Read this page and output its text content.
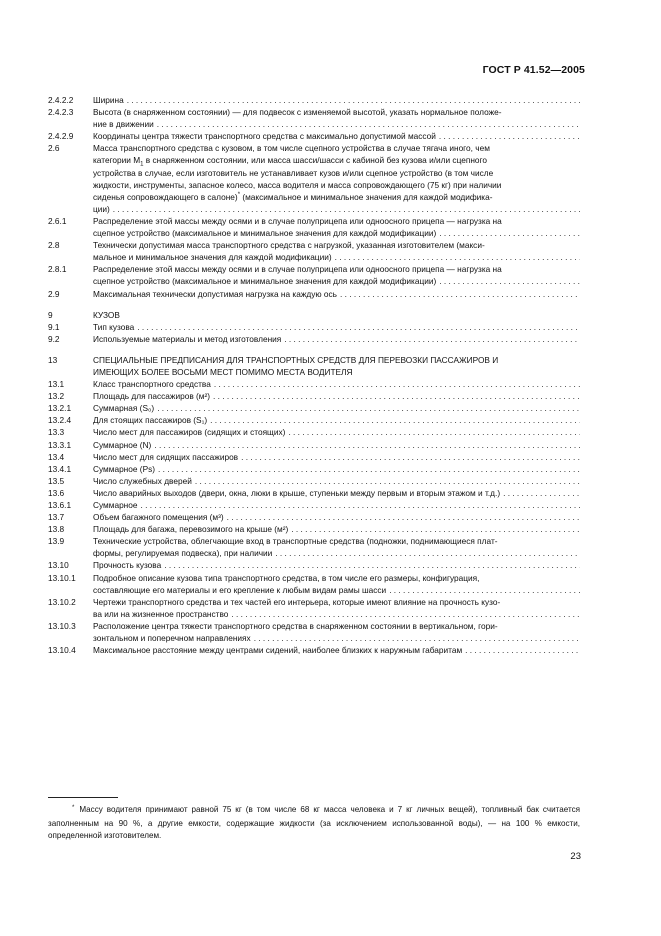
ГОСТ Р 41.52—2005
2.4.2.2	Ширина
. . .
2.4.2.3	Высота (в снаряженном состоянии) — для подвесок с изменяемой высотой, указать нормальное положе-
ние в движении
. . .
2.4.2.9	Координаты центра тяжести транспортного средства с максимально допустимой массой
. . .
2.6	Масса транспортного средства с кузовом, в том числе сцепного устройства в случае тягача иного, чем
категории $M_1$ в снаряженном состоянии, или масса шасси/шасси с кабиной без кузова и/или сцепного
устройства в случае, если изготовитель не устанавливает кузов и/или сцепное устройство (в том числе
жидкости, инструменты, запасное колесо, масса водителя и масса сопровождающего (75 кг) при наличии
сиденья сопровождающего в салоне)* (максимальное и минимальное значения для каждой модифика-
ции)
. . .
2.6.1	Распределение этой массы между осями и в случае полуприцепа или одноосного прицепа — нагрузка на
сцепное устройство (максимальное и минимальное значения для каждой модификации)
. . .
2.8	Технически допустимая масса транспортного средства с нагрузкой, указанная изготовителем (макси-
мальное и минимальное значения для каждой модификации)
. . .
2.8.1	Распределение этой массы между осями и в случае полуприцепа или одноосного прицепа — нагрузка на
сцепное устройство (максимальное и минимальное значения для каждой модификации)
. . .
2.9	Максимальная технически допустимая нагрузка на каждую ось
. . .
9	КУЗОВ
9.1	Тип кузова
. . .
9.2	Используемые материалы и метод изготовления
. . .
13	СПЕЦИАЛЬНЫЕ ПРЕДПИСАНИЯ ДЛЯ ТРАНСПОРТНЫХ СРЕДСТВ ДЛЯ ПЕРЕВОЗКИ ПАССАЖИРОВ И
ИМЕЮЩИХ БОЛЕЕ ВОСЬМИ МЕСТ ПОМИМО МЕСТА ВОДИТЕЛЯ
13.1	Класс транспортного средства
. . .
13.2	Площадь для пассажиров (м²)
. . .
13.2.1	Суммарная (S₀)
. . .
13.2.4	Для стоящих пассажиров (S₁)
. . .
13.3	Число мест для пассажиров (сидящих и стоящих)
. . .
13.3.1	Суммарное (N)
. . .
13.4	Число мест для сидящих пассажиров
. . .
13.4.1	Суммарное (Ps)
. . .
13.5	Число служебных дверей
. . .
13.6	Число аварийных выходов (двери, окна, люки в крыше, ступеньки между первым и вторым этажом и т.д.)
. . .
13.6.1	Суммарное
. . .
13.7	Объем багажного помещения (м³)
. . .
13.8	Площадь для багажа, перевозимого на крыше (м²)
. . .
13.9	Технические устройства, облегчающие вход в транспортные средства (подножки, поднимающиеся плат-
формы, регулируемая подвеска), при наличии
. . .
13.10	Прочность кузова
. . .
13.10.1	Подробное описание кузова типа транспортного средства, в том числе его размеры, конфигурация,
составляющие его материалы и его крепление к любым видам рамы шасси
. . .
13.10.2	Чертежи транспортного средства и тех частей его интерьера, которые имеют влияние на прочность кузо-
ва или на жизненное пространство
. . .
13.10.3	Расположение центра тяжести транспортного средства в снаряженном состоянии в вертикальном, гори-
зонтальном и поперечном направлениях
. . .
13.10.4	Максимальное расстояние между центрами сидений, наиболее близких к наружным габаритам
. . .
* Массу водителя принимают равной 75 кг (в том числе 68 кг масса человека и 7 кг личных вещей), топливный бак считается заполненным на 90 %, а другие емкости, содержащие жидкости (за исключением использованной воды), — на 100 % емкости, определенной изготовителем.
23
